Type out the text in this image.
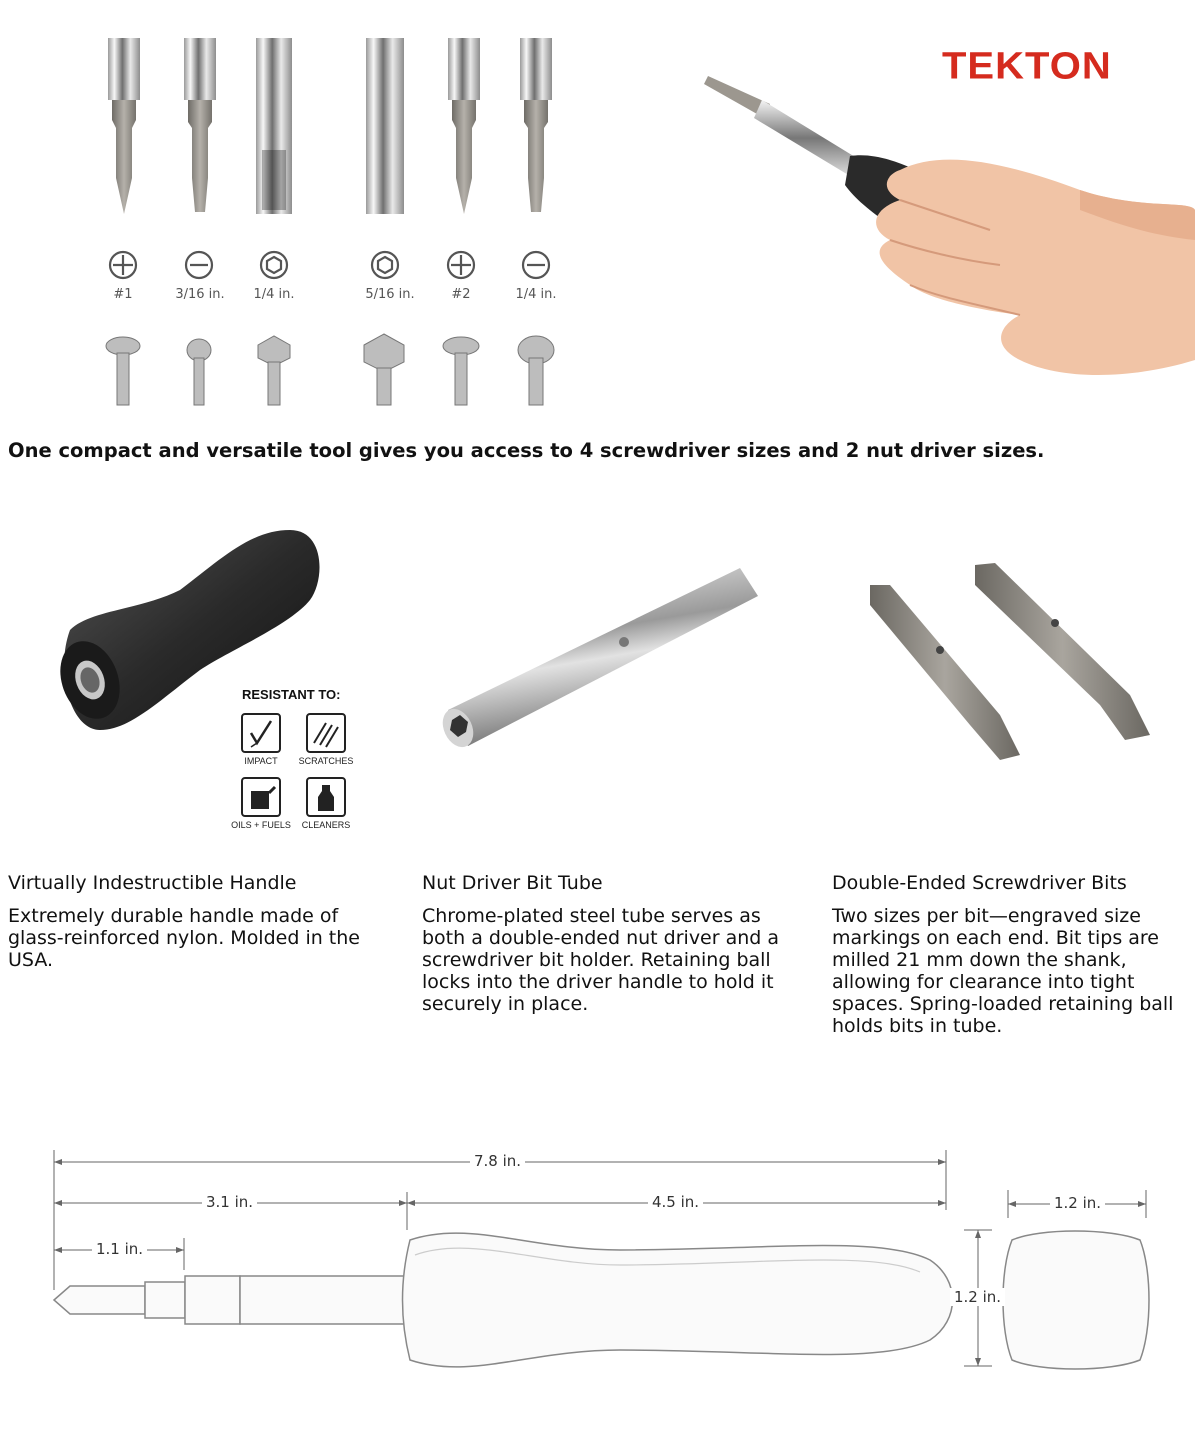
#1	3/16 in.	1/4 in.	5/16 in.	#2	1/4 in.
TEKTON
One compact and versatile tool gives you access to 4 screwdriver sizes and 2 nut driver sizes.
RESISTANT TO:
IMPACT	SCRATCHES
OILS + FUELS	CLEANERS
Virtually Indestructible Handle
Extremely durable handle made of glass-reinforced nylon. Molded in the USA.
Nut Driver Bit Tube
Chrome-plated steel tube serves as both a double-ended nut driver and a screwdriver bit holder. Retaining ball locks into the driver handle to hold it securely in place.
Double-Ended Screwdriver Bits
Two sizes per bit—engraved size markings on each end. Bit tips are milled 21 mm down the shank, allowing for clearance into tight spaces. Spring-loaded retaining ball holds bits in tube.
7.8 in.
3.1 in.	4.5 in.
1.1 in.
1.2 in.
1.2 in.
